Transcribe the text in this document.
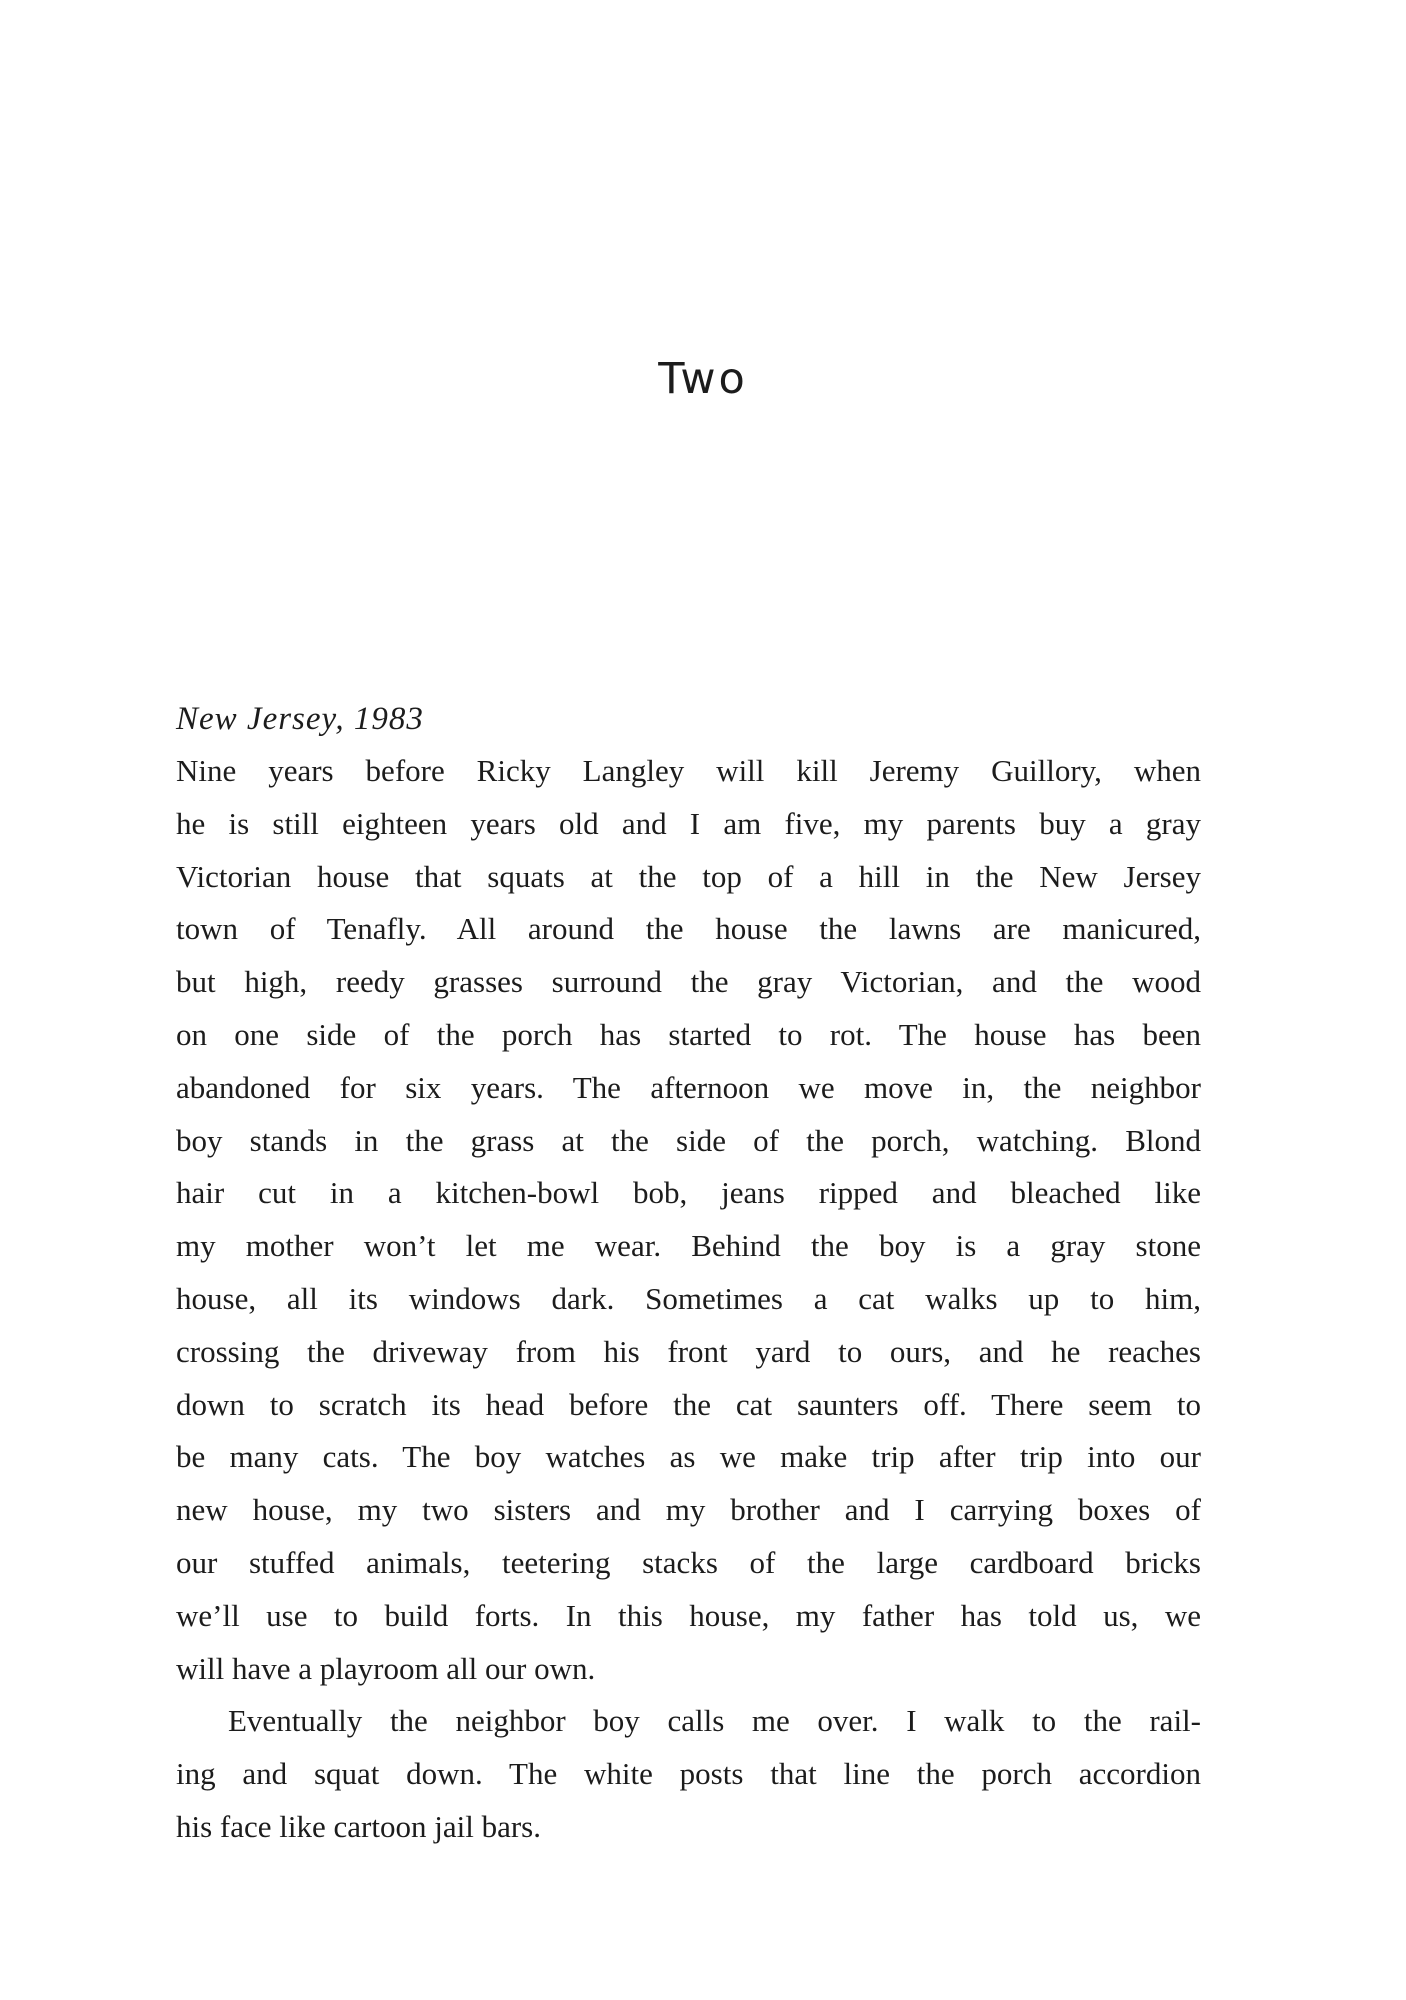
Two

New Jersey, 1983

Nine years before Ricky Langley will kill Jeremy Guillory, when
he is still eighteen years old and I am five, my parents buy a gray
Victorian house that squats at the top of a hill in the New Jersey
town of Tenafly. All around the house the lawns are manicured,
but high, reedy grasses surround the gray Victorian, and the wood
on one side of the porch has started to rot. The house has been
abandoned for six years. The afternoon we move in, the neighbor
boy stands in the grass at the side of the porch, watching. Blond
hair cut in a kitchen-bowl bob, jeans ripped and bleached like
my mother won’t let me wear. Behind the boy is a gray stone
house, all its windows dark. Sometimes a cat walks up to him,
crossing the driveway from his front yard to ours, and he reaches
down to scratch its head before the cat saunters off. There seem to
be many cats. The boy watches as we make trip after trip into our
new house, my two sisters and my brother and I carrying boxes of
our stuffed animals, teetering stacks of the large cardboard bricks
we’ll use to build forts. In this house, my father has told us, we
will have a playroom all our own.

Eventually the neighbor boy calls me over. I walk to the rail-
ing and squat down. The white posts that line the porch accordion
his face like cartoon jail bars.
